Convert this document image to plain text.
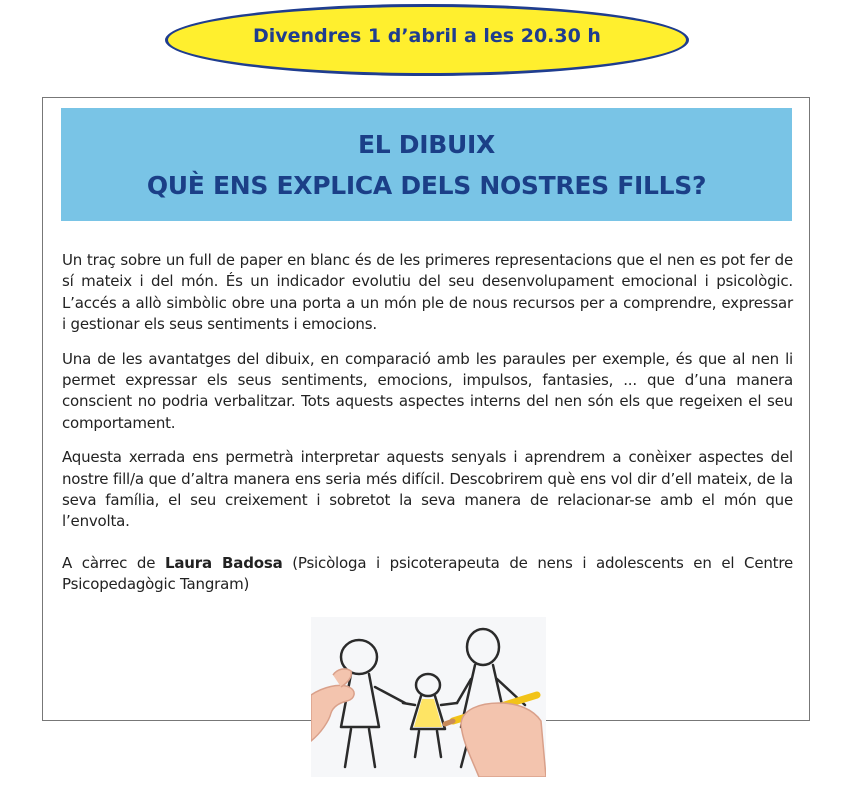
Divendres 1 d’abril a les 20.30 h
EL DIBUIX
QUÈ ENS EXPLICA DELS NOSTRES FILLS?

Un traç sobre un full de paper en blanc és de les primeres representacions que el nen es pot fer de sí mateix i del món. És un indicador evolutiu del seu desenvolupament emocional i psicològic. L’accés a allò simbòlic obre una porta a un món ple de nous recursos per a comprendre, expressar i gestionar els seus sentiments i emocions.

Una de les avantatges del dibuix, en comparació amb les paraules per exemple, és que al nen li permet expressar els seus sentiments, emocions, impulsos, fantasies, ... que d’una manera conscient no podria verbalitzar. Tots aquests aspectes interns del nen són els que regeixen el seu comportament.

Aquesta xerrada ens permetrà interpretar aquests senyals i aprendrem a conèixer aspectes del nostre fill/a que d’altra manera ens seria més difícil. Descobrirem què ens vol dir d’ell mateix, de la seva família, el seu creixement i sobretot la seva manera de relacionar-se amb el món que l’envolta.

A càrrec de Laura Badosa (Psicòloga i psicoterapeuta de nens i adolescents en el Centre Psicopedagògic Tangram)
